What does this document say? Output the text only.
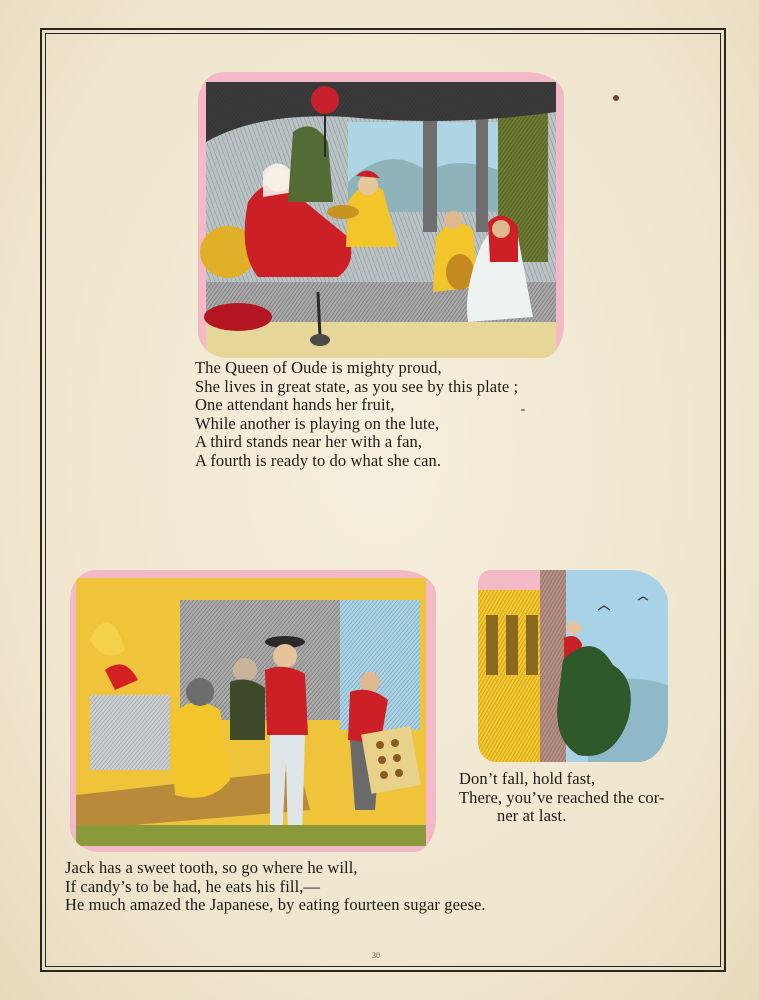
The Queen of Oude is mighty proud,
She lives in great state, as you see by this plate ;
One attendant hands her fruit,
While another is playing on the lute,
A third stands near her with a fan,
A fourth is ready to do what she can.
Don’t fall, hold fast,
There, you’ve reached the cor-
ner at last.
Jack has a sweet tooth, so go where he will,
If candy’s to be had, he eats his fill,—
He much amazed the Japanese, by eating fourteen sugar geese.
30
